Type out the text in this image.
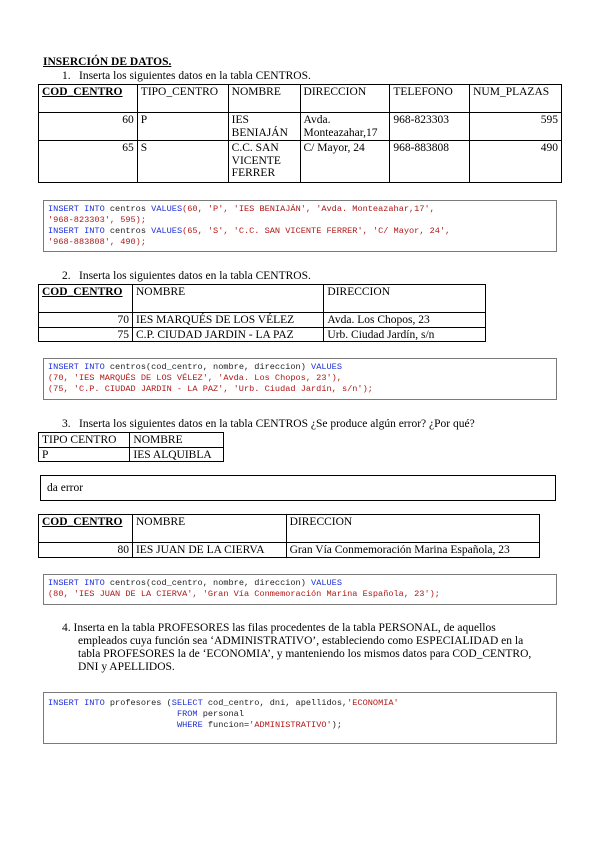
INSERCIÓN DE DATOS.
1. Inserta los siguientes datos en la tabla CENTROS.
COD_CENTRO	TIPO_CENTRO	NOMBRE	DIRECCION	TELEFONO	NUM_PLAZAS
60	P	IES BENIAJÁN	Avda. Monteazahar,17	968-823303	595
65	S	C.C. SAN VICENTE FERRER	C/ Mayor, 24	968-883808	490
INSERT INTO centros VALUES(60, 'P', 'IES BENIAJÁN', 'Avda. Monteazahar,17',
'968-823303', 595);
INSERT INTO centros VALUES(65, 'S', 'C.C. SAN VICENTE FERRER', 'C/ Mayor, 24',
'968-883808', 490);
2. Inserta los siguientes datos en la tabla CENTROS.
COD_CENTRO	NOMBRE	DIRECCION
70	IES MARQUÉS DE LOS VÉLEZ	Avda. Los Chopos, 23
75	C.P. CIUDAD JARDIN - LA PAZ	Urb. Ciudad Jardín, s/n
INSERT INTO centros(cod_centro, nombre, direccion) VALUES
(70, 'IES MARQUÉS DE LOS VÉLEZ', 'Avda. Los Chopos, 23'),
(75, 'C.P. CIUDAD JARDIN - LA PAZ', 'Urb. Ciudad Jardín, s/n');
3. Inserta los siguientes datos en la tabla CENTROS ¿Se produce algún error? ¿Por qué?
TIPO CENTRO	NOMBRE
P	IES ALQUIBLA
da error
COD_CENTRO	NOMBRE	DIRECCION
80	IES JUAN DE LA CIERVA	Gran Vía Conmemoración Marina Española, 23
INSERT INTO centros(cod_centro, nombre, direccion) VALUES
(80, 'IES JUAN DE LA CIERVA', 'Gran Vía Conmemoración Marina Española, 23');
4. Inserta en la tabla PROFESORES las filas procedentes de la tabla PERSONAL, de aquellos
empleados cuya función sea ‘ADMINISTRATIVO’, estableciendo como ESPECIALIDAD en la
tabla PROFESORES la de ‘ECONOMIA’, y manteniendo los mismos datos para COD_CENTRO,
DNI y APELLIDOS.
INSERT INTO profesores (SELECT cod_centro, dni, apellidos,'ECONOMIA'
FROM personal
WHERE funcion='ADMINISTRATIVO');
